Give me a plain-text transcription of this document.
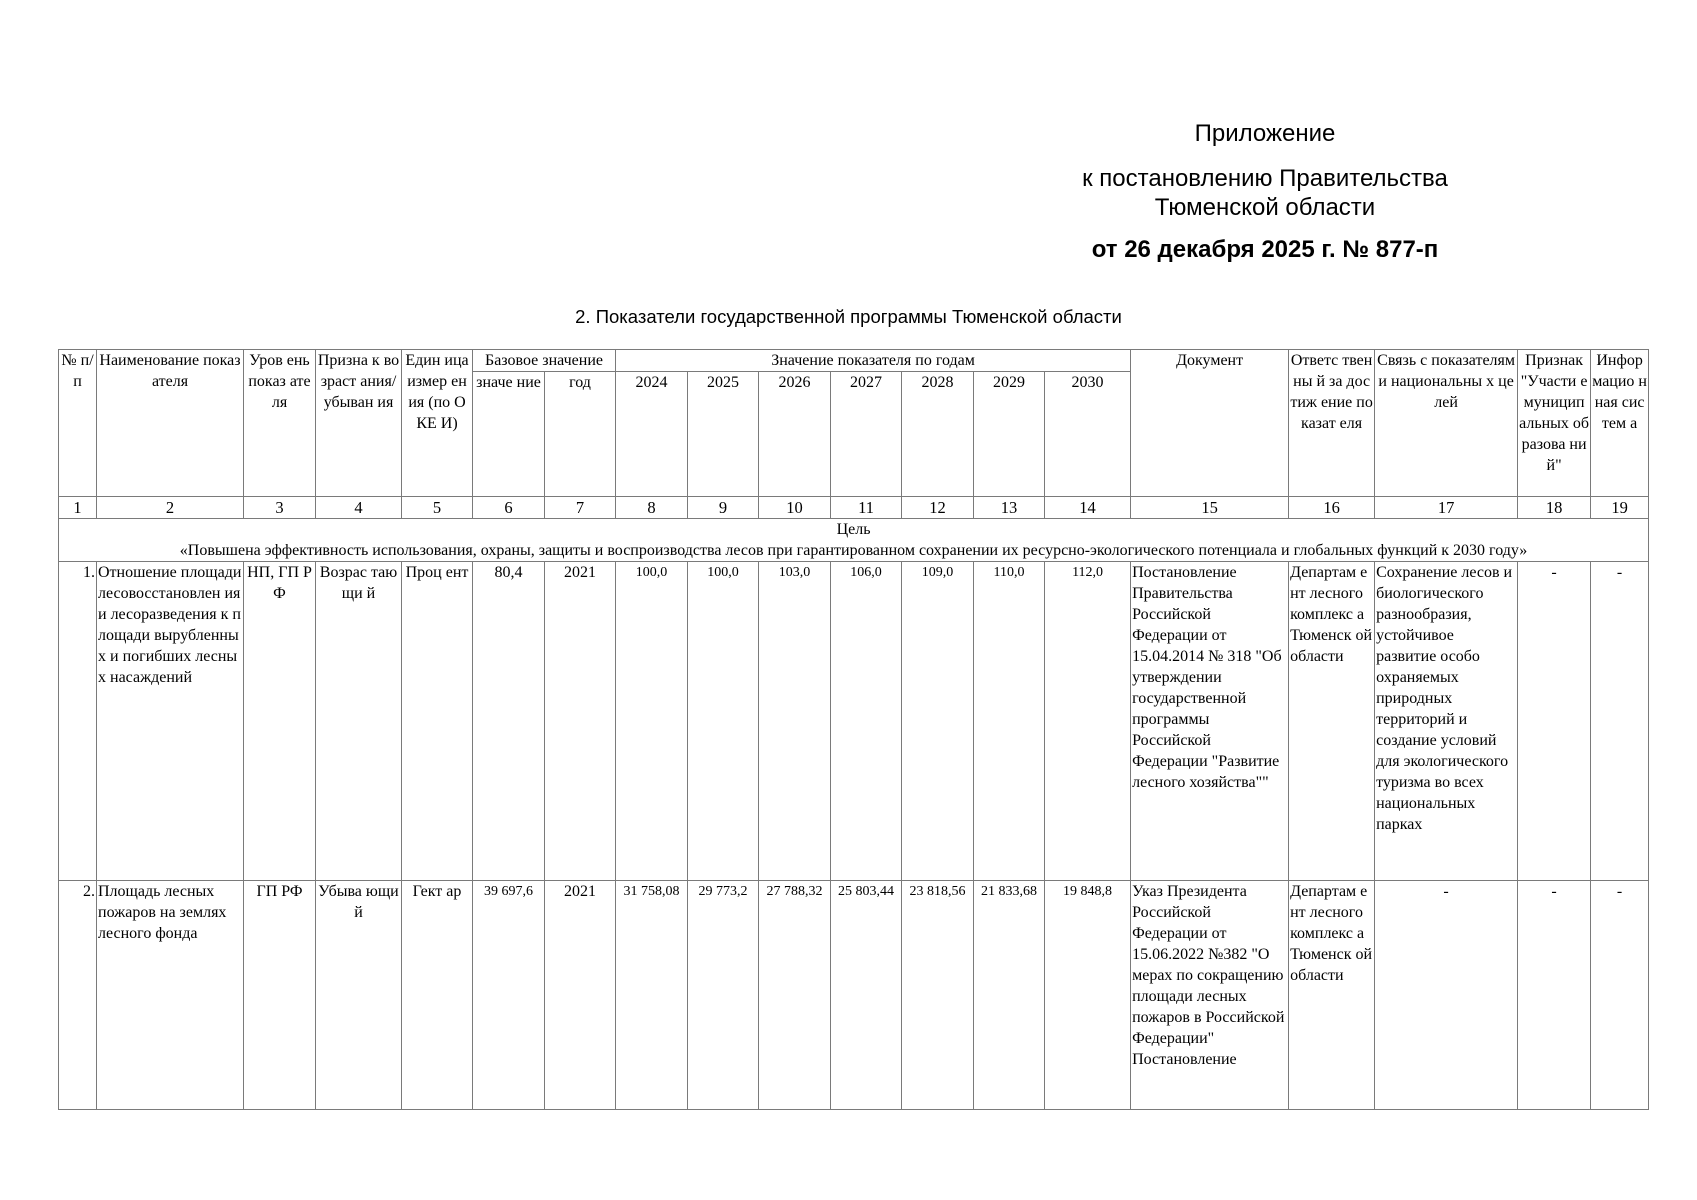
Приложение
к постановлению Правительства
Тюменской области
от 26 декабря 2025 г. № 877-п
2. Показатели государственной программы Тюменской области
№ п/ п	Наименование показателя	Уров ень показ ателя	Призна к возраст ания/ убыван ия	Един ица измер ения (по ОКЕ И)	Базовое значение		Значение показателя по годам							Документ	Ответс твенны й за достиж ение показат еля	Связь с показателями национальны х целей	Признак "Участи е муницип альных образова ний"	Инфор мацио нная систем а
					значе ние	год	2024	2025	2026	2027	2028	2029	2030					
1	2	3	4	5	6	7	8	9	10	11	12	13	14	15	16	17	18	19

Цель
«Повышена эффективность использования, охраны, защиты и воспроизводства лесов при гарантированном сохранении их ресурсно-экологического потенциала и глобальных функций к 2030 году»																		

1.	Отношение площади лесовосстановлен ия и лесоразведения к площади вырубленных и погибших лесных насаждений	НП, ГП РФ	Возрас тающи й	Проц ент	80,4	2021	100,0	100,0	103,0	106,0	109,0	110,0	112,0	Постановление Правительства Российской Федерации от 15.04.2014 № 318 "Об утверждении государственной программы Российской Федерации "Развитие лесного хозяйства""	Департам ент лесного комплекс а Тюменск ой области	Сохранение лесов и биологического разнообразия, устойчивое развитие особо охраняемых природных территорий и создание условий для экологического туризма во всех национальных парках	-	-
2.	Площадь лесных пожаров на землях лесного фонда	ГП РФ	Убыва ющий	Гект ар	39 697,6	2021	31 758,08	29 773,2	27 788,32	25 803,44	23 818,56	21 833,68	19 848,8	Указ Президента Российской Федерации от 15.06.2022 №382 "О мерах по сокращению площади лесных пожаров в Российской Федерации" Постановление	Департам ент лесного комплекс а Тюменск ой области	-	-	-
